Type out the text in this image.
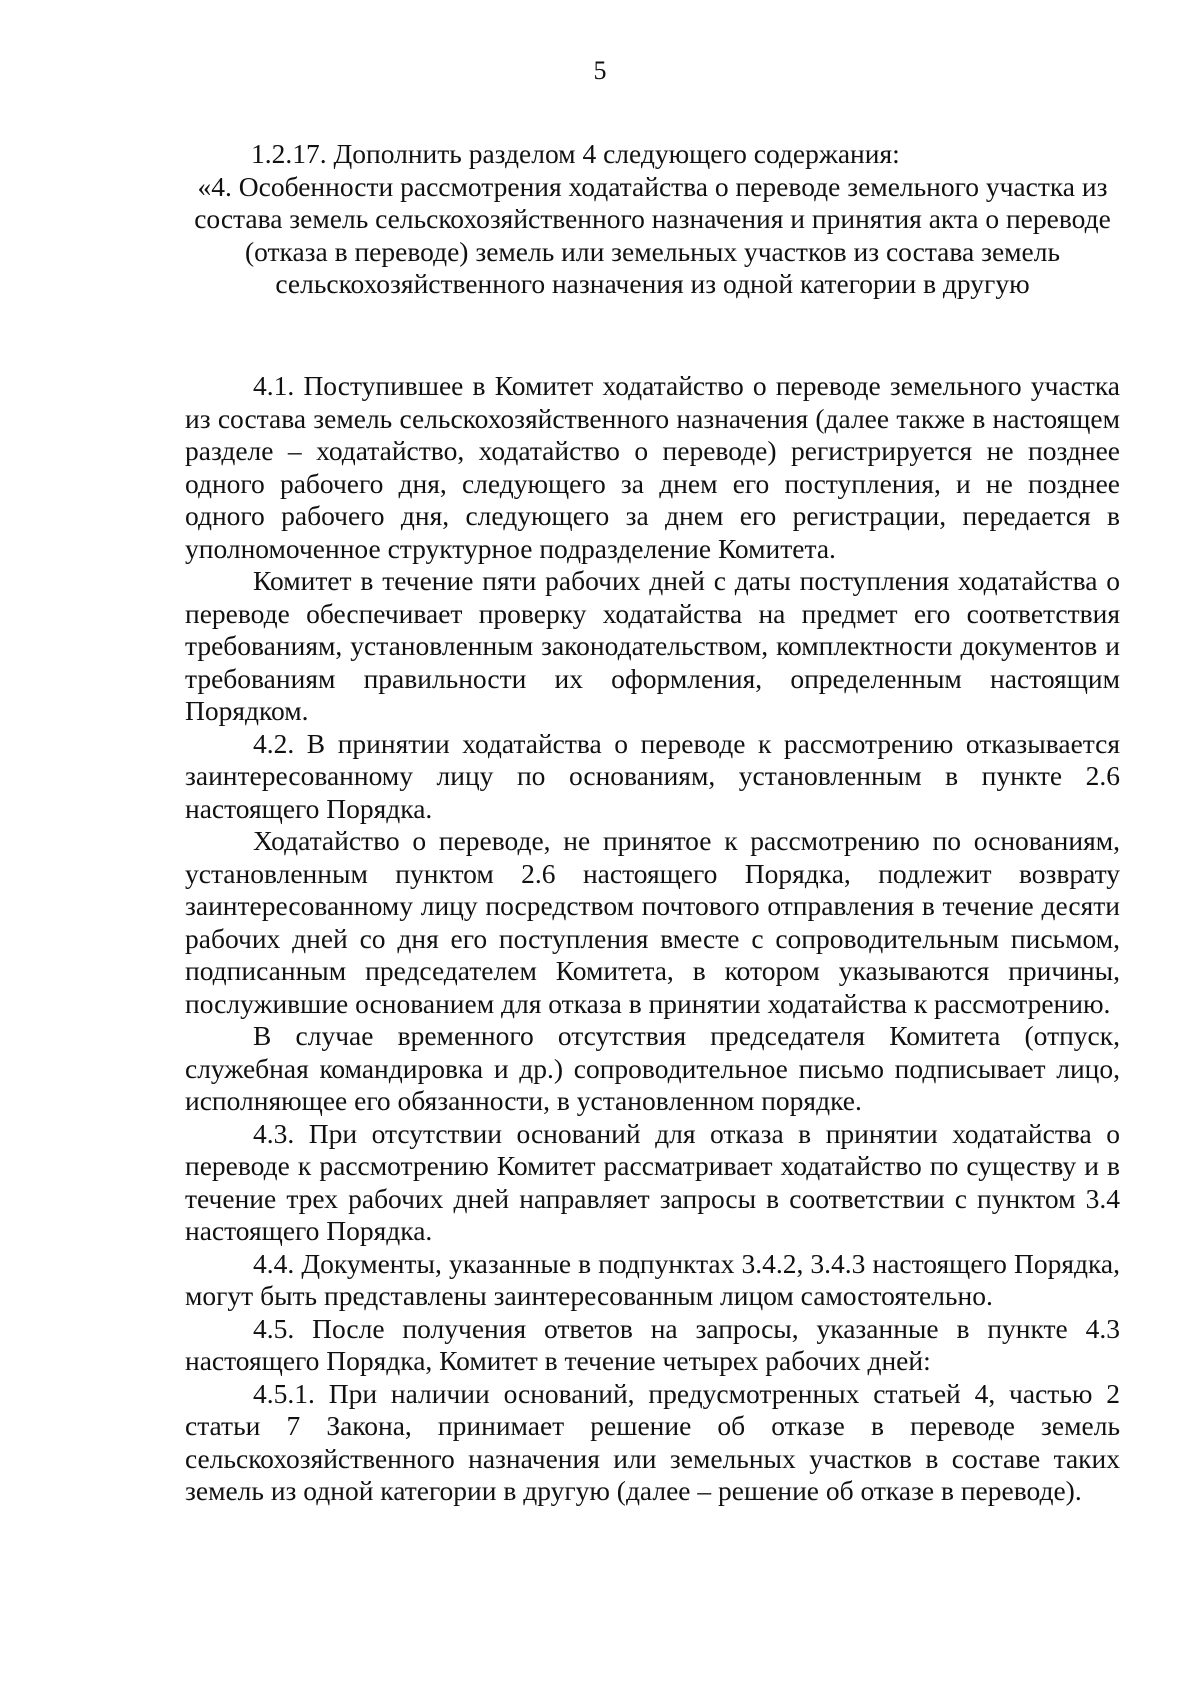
5

1.2.17. Дополнить разделом 4 следующего содержания:

«4. Особенности рассмотрения ходатайства о переводе земельного участка из состава земель сельскохозяйственного назначения и принятия акта о переводе (отказа в переводе) земель или земельных участков из состава земель сельскохозяйственного назначения из одной категории в другую

4.1. Поступившее в Комитет ходатайство о переводе земельного участка из состава земель сельскохозяйственного назначения (далее также в настоящем разделе – ходатайство, ходатайство о переводе) регистрируется не позднее одного рабочего дня, следующего за днем его поступления, и не позднее одного рабочего дня, следующего за днем его регистрации, передается в уполномоченное структурное подразделение Комитета.

Комитет в течение пяти рабочих дней с даты поступления ходатайства о переводе обеспечивает проверку ходатайства на предмет его соответствия требованиям, установленным законодательством, комплектности документов и требованиям правильности их оформления, определенным настоящим Порядком.

4.2. В принятии ходатайства о переводе к рассмотрению отказывается заинтересованному лицу по основаниям, установленным в пункте 2.6 настоящего Порядка.

Ходатайство о переводе, не принятое к рассмотрению по основаниям, установленным пунктом 2.6 настоящего Порядка, подлежит возврату заинтересованному лицу посредством почтового отправления в течение десяти рабочих дней со дня его поступления вместе с сопроводительным письмом, подписанным председателем Комитета, в котором указываются причины, послужившие основанием для отказа в принятии ходатайства к рассмотрению.

В случае временного отсутствия председателя Комитета (отпуск, служебная командировка и др.) сопроводительное письмо подписывает лицо, исполняющее его обязанности, в установленном порядке.

4.3. При отсутствии оснований для отказа в принятии ходатайства о переводе к рассмотрению Комитет рассматривает ходатайство по существу и в течение трех рабочих дней направляет запросы в соответствии с пунктом 3.4 настоящего Порядка.

4.4. Документы, указанные в подпунктах 3.4.2, 3.4.3 настоящего Порядка, могут быть представлены заинтересованным лицом самостоятельно.

4.5. После получения ответов на запросы, указанные в пункте 4.3 настоящего Порядка, Комитет в течение четырех рабочих дней:

4.5.1. При наличии оснований, предусмотренных статьей 4, частью 2 статьи 7 Закона, принимает решение об отказе в переводе земель сельскохозяйственного назначения или земельных участков в составе таких земель из одной категории в другую (далее – решение об отказе в переводе).
